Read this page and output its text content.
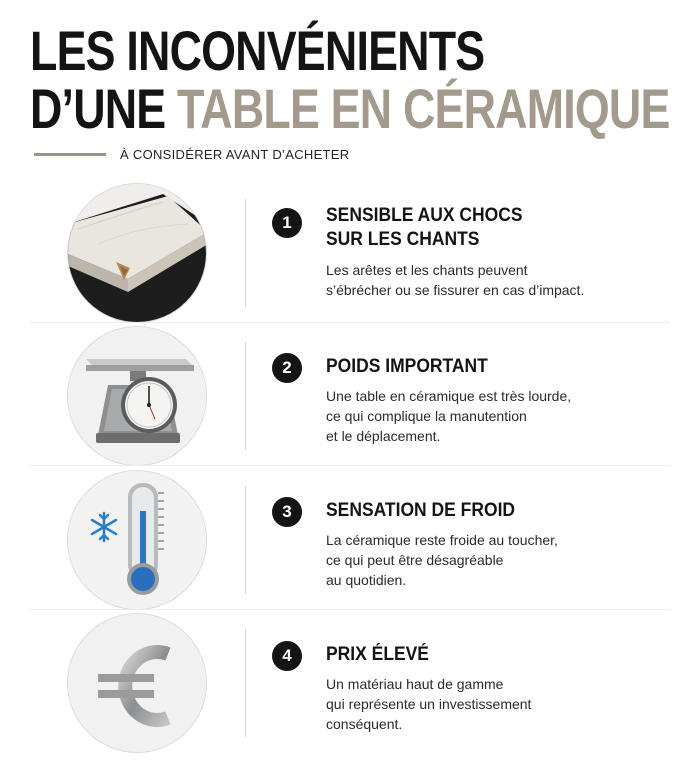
LES INCONVÉNIENTS
D’UNE TABLE EN CÉRAMIQUE
À CONSIDÉRER AVANT D’ACHETER
1	SENSIBLE AUX CHOCS
SUR LES CHANTS
Les arêtes et les chants peuvent
s’ébrécher ou se fissurer en cas d’impact.
2	POIDS IMPORTANT
Une table en céramique est très lourde,
ce qui complique la manutention
et le déplacement.
3	SENSATION DE FROID
La céramique reste froide au toucher,
ce qui peut être désagréable
au quotidien.
4	PRIX ÉLEVÉ
Un matériau haut de gamme
qui représente un investissement
conséquent.
